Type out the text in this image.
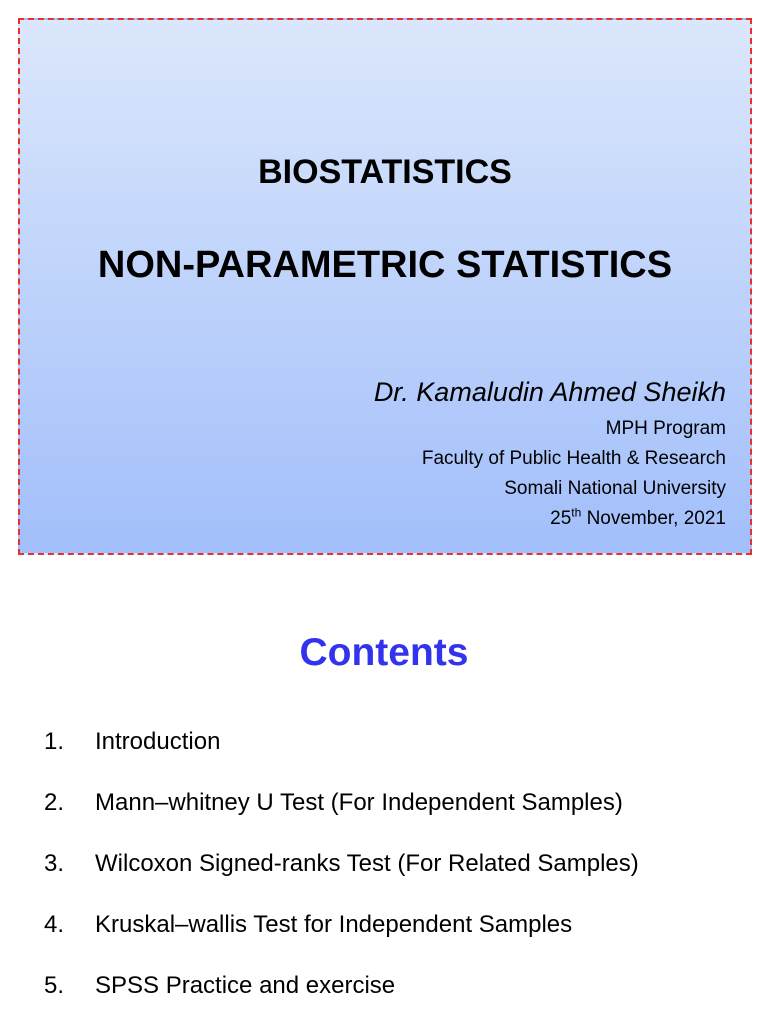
BIOSTATISTICS
NON-PARAMETRIC STATISTICS
Dr. Kamaludin Ahmed Sheikh
MPH Program
Faculty of Public Health & Research
Somali National University
25th November, 2021
Contents
1.	Introduction
2.	Mann–whitney U Test (For Independent Samples)
3.	Wilcoxon Signed-ranks Test (For Related Samples)
4.	Kruskal–wallis Test for Independent Samples
5.	SPSS Practice and exercise
